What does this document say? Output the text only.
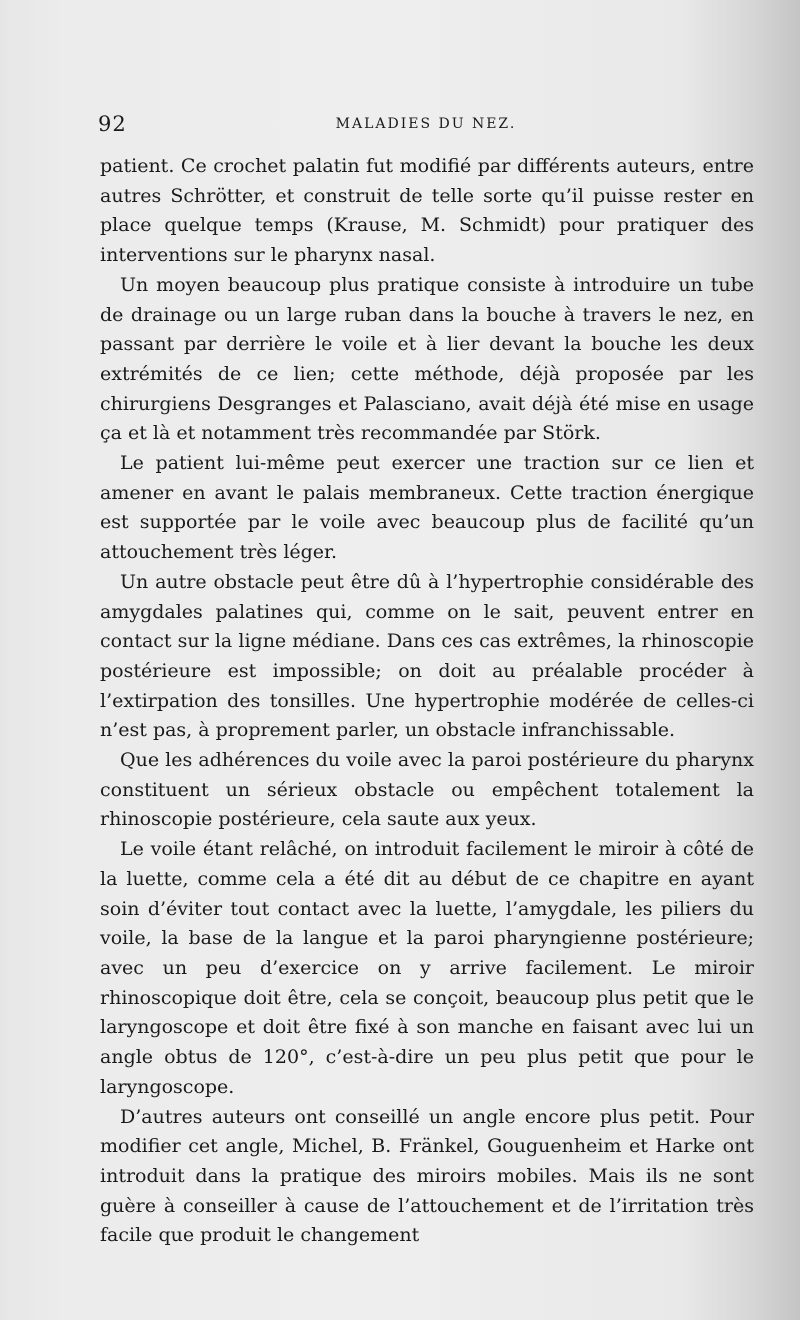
92	MALADIES DU NEZ.

patient. Ce crochet palatin fut modifié par différents auteurs, entre autres Schrötter, et construit de telle sorte qu’il puisse rester en place quelque temps (Krause, M. Schmidt) pour pratiquer des interventions sur le pharynx nasal.

Un moyen beaucoup plus pratique consiste à introduire un tube de drainage ou un large ruban dans la bouche à travers le nez, en passant par derrière le voile et à lier devant la bouche les deux extrémités de ce lien; cette méthode, déjà proposée par les chirurgiens Desgranges et Palasciano, avait déjà été mise en usage ça et là et notamment très recommandée par Störk.

Le patient lui-même peut exercer une traction sur ce lien et amener en avant le palais membraneux. Cette traction énergique est supportée par le voile avec beaucoup plus de facilité qu’un attouchement très léger.

Un autre obstacle peut être dû à l’hypertrophie considérable des amygdales palatines qui, comme on le sait, peuvent entrer en contact sur la ligne médiane. Dans ces cas extrêmes, la rhinoscopie postérieure est impossible; on doit au préalable procéder à l’extirpation des tonsilles. Une hypertrophie modérée de celles-ci n’est pas, à proprement parler, un obstacle infranchissable.

Que les adhérences du voile avec la paroi postérieure du pharynx constituent un sérieux obstacle ou empêchent totalement la rhinoscopie postérieure, cela saute aux yeux.

Le voile étant relâché, on introduit facilement le miroir à côté de la luette, comme cela a été dit au début de ce chapitre en ayant soin d’éviter tout contact avec la luette, l’amygdale, les piliers du voile, la base de la langue et la paroi pharyngienne postérieure; avec un peu d’exercice on y arrive facilement. Le miroir rhinoscopique doit être, cela se conçoit, beaucoup plus petit que le laryngoscope et doit être fixé à son manche en faisant avec lui un angle obtus de 120°, c’est-à-dire un peu plus petit que pour le laryngoscope.

D’autres auteurs ont conseillé un angle encore plus petit. Pour modifier cet angle, Michel, B. Fränkel, Gouguenheim et Harke ont introduit dans la pratique des miroirs mobiles. Mais ils ne sont guère à conseiller à cause de l’attouchement et de l’irritation très facile que produit le changement
